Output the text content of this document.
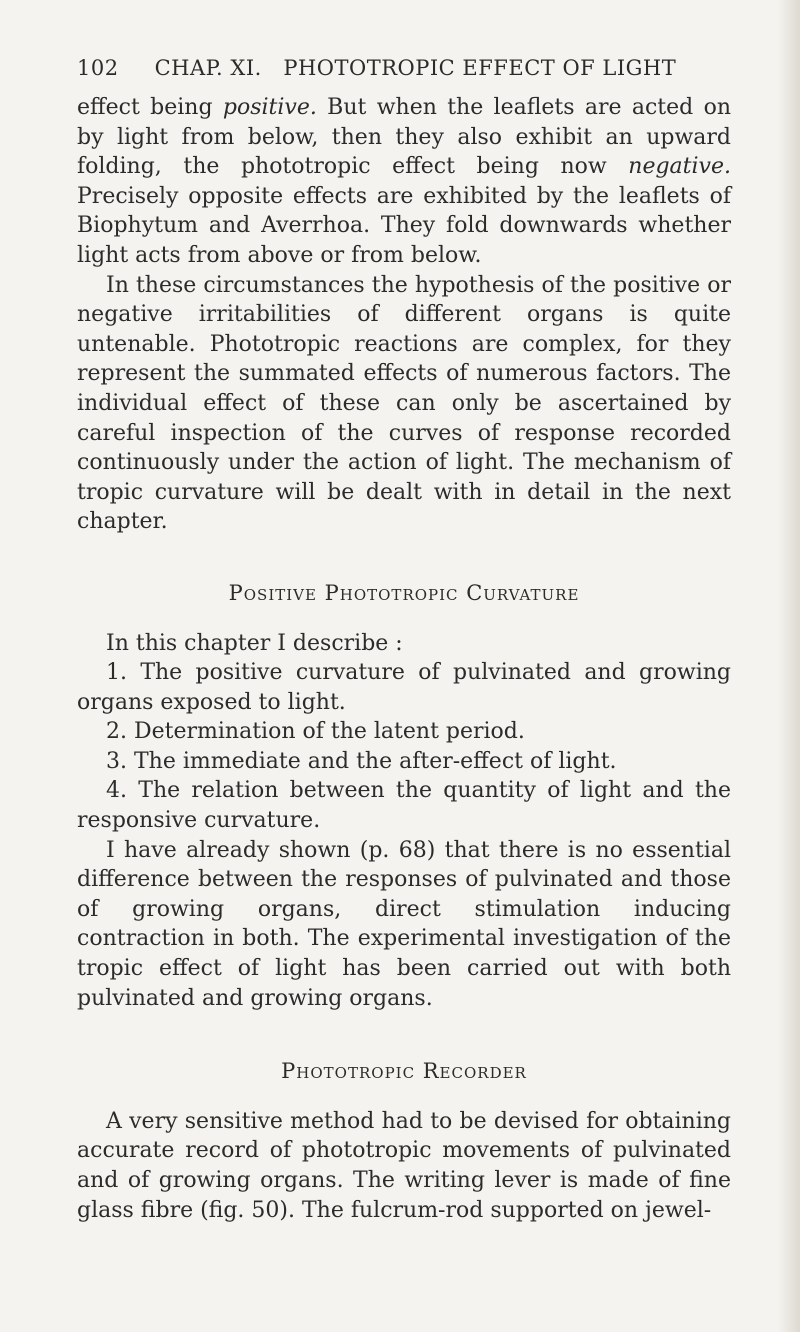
102 CHAP. XI.   PHOTOTROPIC EFFECT OF LIGHT

effect being positive. But when the leaflets are acted on by light from below, then they also exhibit an upward folding, the phototropic effect being now negative. Precisely opposite effects are exhibited by the leaflets of Biophytum and Averrhoa. They fold downwards whether light acts from above or from below.

In these circumstances the hypothesis of the positive or negative irritabilities of different organs is quite untenable. Phototropic reactions are complex, for they represent the summated effects of numerous factors. The individual effect of these can only be ascertained by careful inspection of the curves of response recorded continuously under the action of light. The mechanism of tropic curvature will be dealt with in detail in the next chapter.

Positive Phototropic Curvature

In this chapter I describe :

1. The positive curvature of pulvinated and growing organs exposed to light.

2. Determination of the latent period.

3. The immediate and the after-effect of light.

4. The relation between the quantity of light and the responsive curvature.

I have already shown (p. 68) that there is no essential difference between the responses of pulvinated and those of growing organs, direct stimulation inducing contraction in both. The experimental investigation of the tropic effect of light has been carried out with both pulvinated and growing organs.

Phototropic Recorder

A very sensitive method had to be devised for obtaining accurate record of phototropic movements of pulvinated and of growing organs. The writing lever is made of fine glass fibre (fig. 50). The fulcrum-rod supported on jewel-
